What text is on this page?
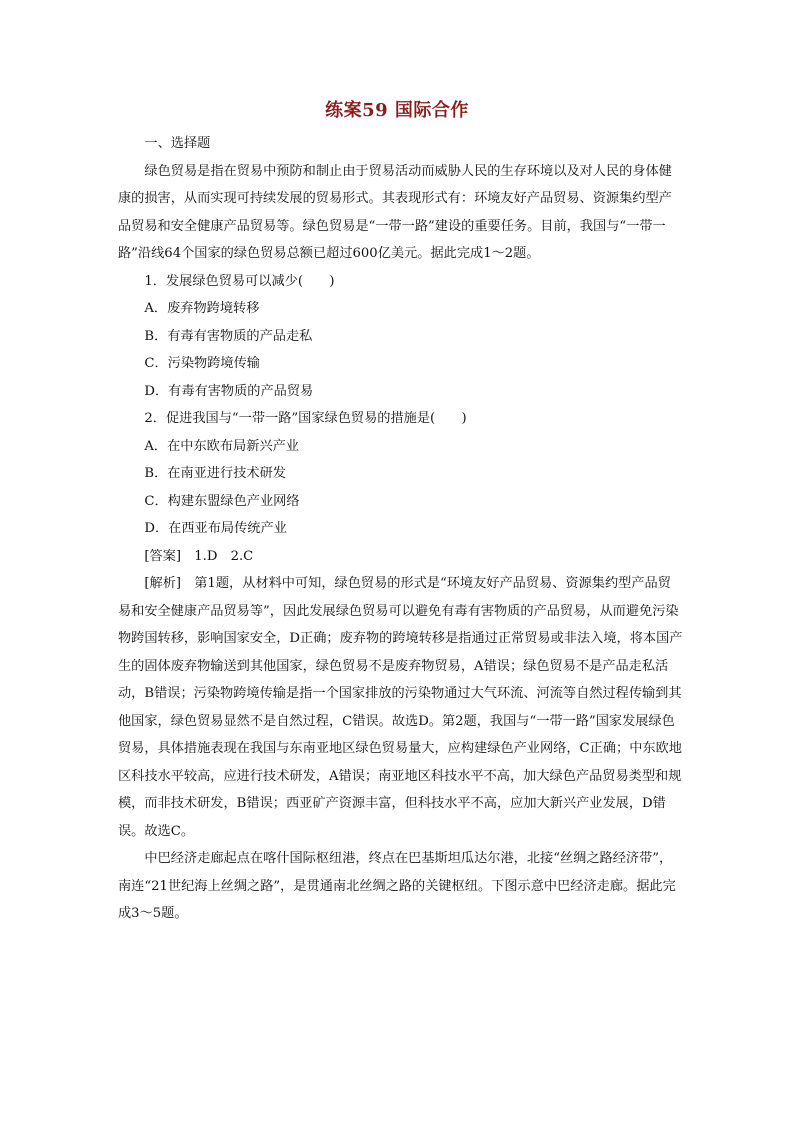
练案59 国际合作

一、选择题

绿色贸易是指在贸易中预防和制止由于贸易活动而威胁人民的生存环境以及对人民的身体健康的损害，从而实现可持续发展的贸易形式。其表现形式有：环境友好产品贸易、资源集约型产品贸易和安全健康产品贸易等。绿色贸易是“一带一路”建设的重要任务。目前，我国与“一带一路”沿线64个国家的绿色贸易总额已超过600亿美元。据此完成1～2题。

1．发展绿色贸易可以减少(　　)

A．废弃物跨境转移

B．有毒有害物质的产品走私

C．污染物跨境传输

D．有毒有害物质的产品贸易

2．促进我国与“一带一路”国家绿色贸易的措施是(　　)

A．在中东欧布局新兴产业

B．在南亚进行技术研发

C．构建东盟绿色产业网络

D．在西亚布局传统产业

[答案]　1.D　2.C

[解析]　第1题，从材料中可知，绿色贸易的形式是“环境友好产品贸易、资源集约型产品贸易和安全健康产品贸易等”，因此发展绿色贸易可以避免有毒有害物质的产品贸易，从而避免污染物跨国转移，影响国家安全，D正确；废弃物的跨境转移是指通过正常贸易或非法入境，将本国产生的固体废弃物输送到其他国家，绿色贸易不是废弃物贸易，A错误；绿色贸易不是产品走私活动，B错误；污染物跨境传输是指一个国家排放的污染物通过大气环流、河流等自然过程传输到其他国家，绿色贸易显然不是自然过程，C错误。故选D。第2题，我国与“一带一路”国家发展绿色贸易，具体措施表现在我国与东南亚地区绿色贸易量大，应构建绿色产业网络，C正确；中东欧地区科技水平较高，应进行技术研发，A错误；南亚地区科技水平不高，加大绿色产品贸易类型和规模，而非技术研发，B错误；西亚矿产资源丰富，但科技水平不高，应加大新兴产业发展，D错误。故选C。

中巴经济走廊起点在喀什国际枢纽港，终点在巴基斯坦瓜达尔港，北接“丝绸之路经济带”，南连“21世纪海上丝绸之路”，是贯通南北丝绸之路的关键枢纽。下图示意中巴经济走廊。据此完成3～5题。
